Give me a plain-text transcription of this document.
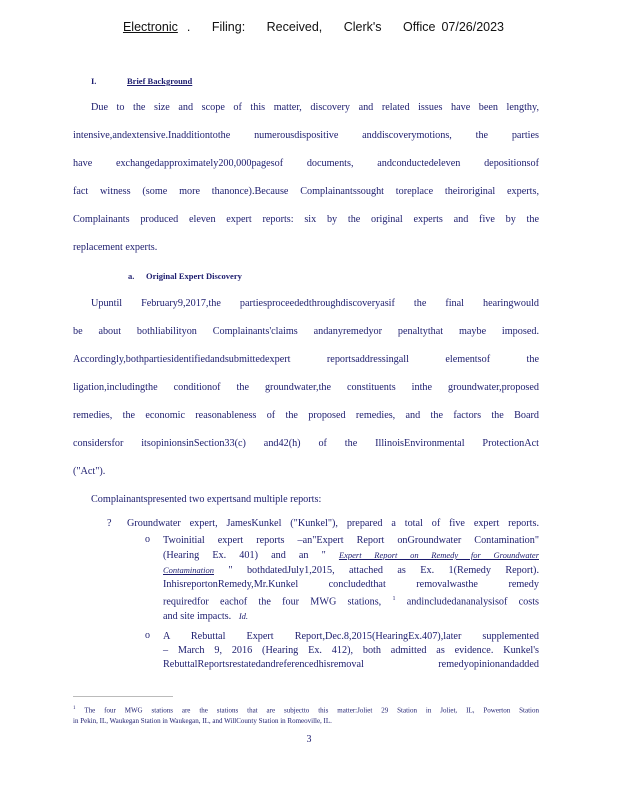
Electronic . Filing: Received, Clerk's Office 07/26/2023
I.	Brief Background
Due to the size and scope of this matter, discovery and related issues have been lengthy,
intensive,andextensive.Inadditiontothe numerousdispositive anddiscoverymotions, the parties
have exchangedapproximately200,000pagesof documents, andconductedeleven depositionsof
fact witness (some more thanonce).Because Complainantssought toreplace theiroriginal experts,
Complainants produced eleven expert reports: six by the original experts and five by the
replacement experts.
a. Original Expert Discovery
Upuntil February9,2017,the partiesproceededthroughdiscoveryasif the final hearingwould
be about bothliabilityon Complainants'claims andanyremedyor penaltythat maybe imposed.
Accordingly,bothpartiesidentifiedandsubmittedexpert reportsaddressingall elementsof the
ligation,includingthe conditionof the groundwater,the constituents inthe groundwater,proposed
remedies, the economic reasonableness of the proposed remedies, and the factors the Board
considersfor itsopinionsinSection33(c) and42(h) of the IllinoisEnvironmental ProtectionAct
("Act").
Complainantspresented two expertsand multiple reports:
? Groundwater expert, JamesKunkel ("Kunkel"), prepared a total of five expert reports.
o Twoinitial expert reports –an"Expert Report onGroundwater Contamination"
(Hearing Ex. 401) and an " Expert Report on Remedy for Groundwater
Contamination " bothdatedJuly1,2015, attached as Ex. 1(Remedy Report).
InhisreportonRemedy,Mr.Kunkel concludedthat removalwasthe remedy
requiredfor eachof the four MWG stations, $^1$ andincludedananalysisof costs
and site impacts. Id.
o A Rebuttal Expert Report,Dec.8,2015(HearingEx.407),later supplemented
– March 9, 2016 (Hearing Ex. 412), both admitted as evidence. Kunkel's
RebuttalReportsrestatedandreferencedhisremoval remedyopinionandadded
$^1$ The four MWG stations are the stations that are subjectto this matter:Joliet 29 Station in Joliet, IL, Powerton Station
in Pekin, IL, Waukegan Station in Waukegan, IL, and WillCounty Station in Romeoville, IL.
3
